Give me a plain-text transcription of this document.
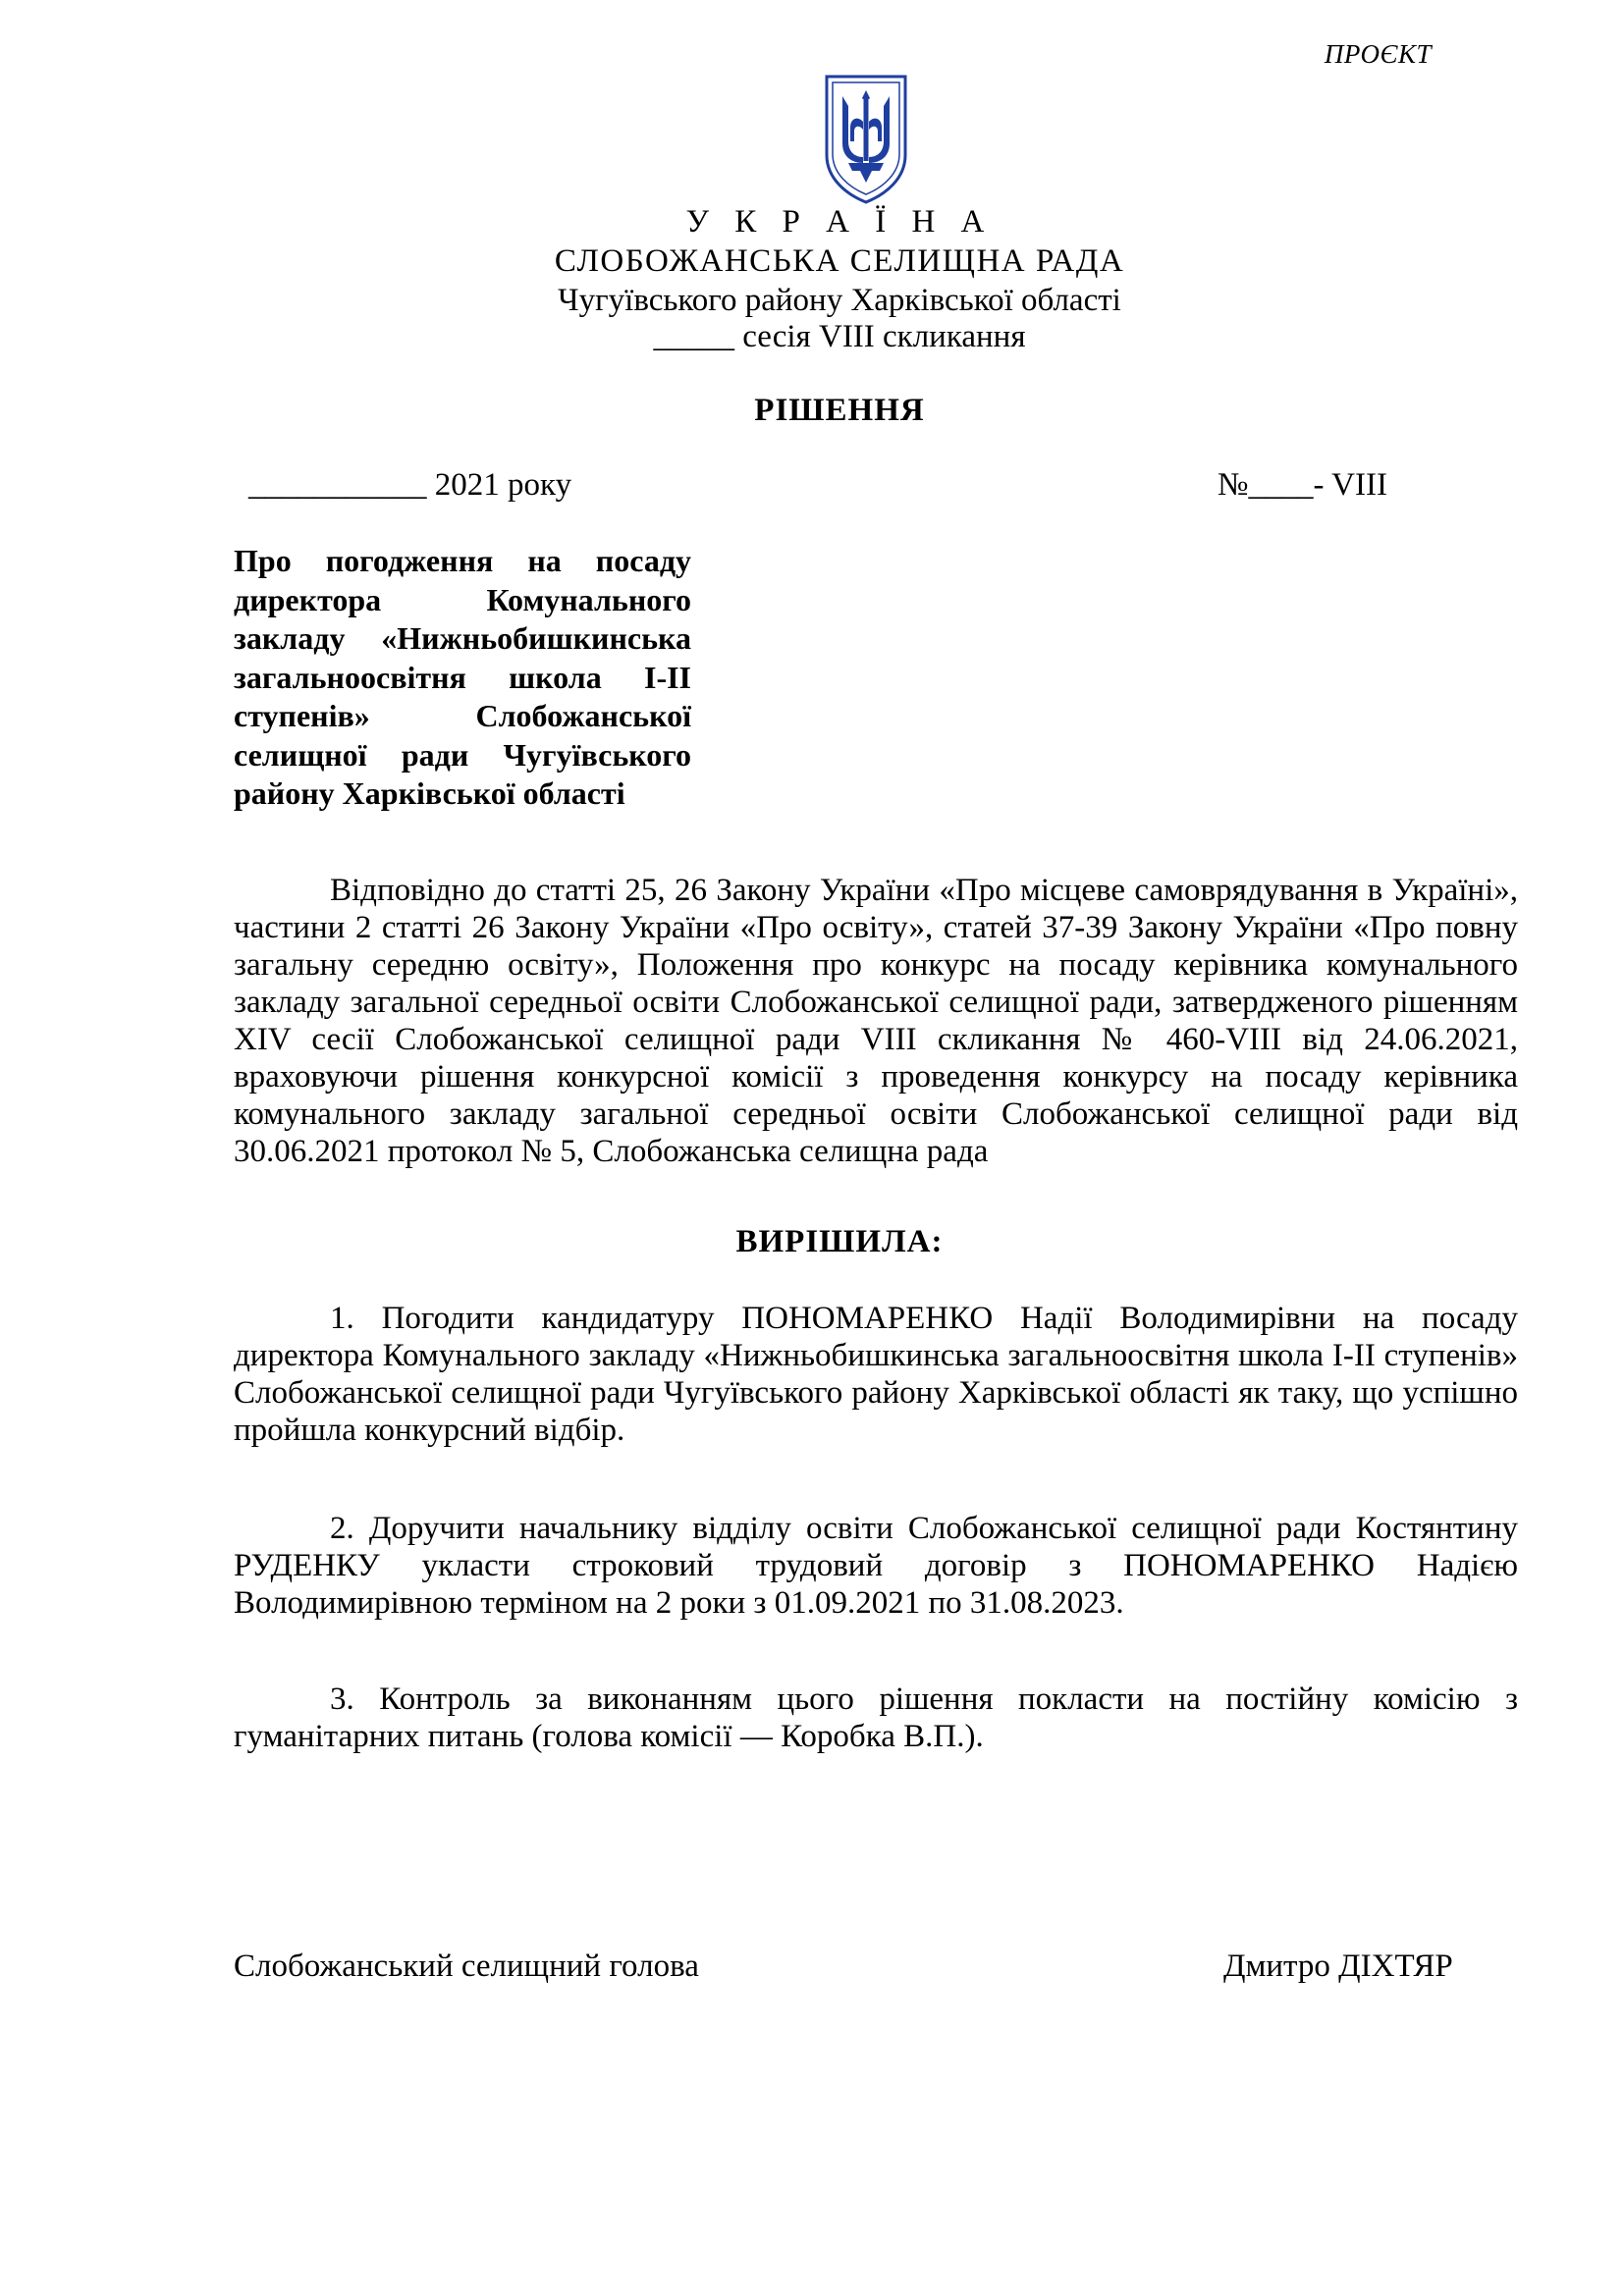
ПРОЄКТ
У К Р А Ї Н А
СЛОБОЖАНСЬКА СЕЛИЩНА РАДА
Чугуївського району Харківської області
_____ сесія VIII скликання
РІШЕННЯ
___________ 2021 року	№____- VIII
Про погодження на посаду директора Комунального закладу «Нижньобишкинська загальноосвітня школа І-ІІ ступенів» Слобожанської селищної ради Чугуївського району Харківської області

Відповідно до статті 25, 26 Закону України «Про місцеве самоврядування в Україні», частини 2 статті 26 Закону України «Про освіту», статей 37-39 Закону України «Про повну загальну середню освіту», Положення про конкурс на посаду керівника комунального закладу загальної середньої освіти Слобожанської селищної ради, затвердженого рішенням XIV сесії Слобожанської селищної ради VIII скликання № 460-VIII від 24.06.2021, враховуючи рішення конкурсної комісії з проведення конкурсу на посаду керівника комунального закладу загальної середньої освіти Слобожанської селищної ради від 30.06.2021 протокол № 5, Слобожанська селищна рада

ВИРІШИЛА:

1. Погодити кандидатуру ПОНОМАРЕНКО Надії Володимирівни на посаду директора Комунального закладу «Нижньобишкинська загальноосвітня школа І-ІІ ступенів» Слобожанської селищної ради Чугуївського району Харківської області як таку, що успішно пройшла конкурсний відбір.

2. Доручити начальнику відділу освіти Слобожанської селищної ради Костянтину РУДЕНКУ укласти строковий трудовий договір з ПОНОМАРЕНКО Надією Володимирівною терміном на 2 роки з 01.09.2021 по 31.08.2023.

3. Контроль за виконанням цього рішення покласти на постійну комісію з гуманітарних питань (голова комісії — Коробка В.П.).

Слобожанський селищний голова	Дмитро ДІХТЯР
